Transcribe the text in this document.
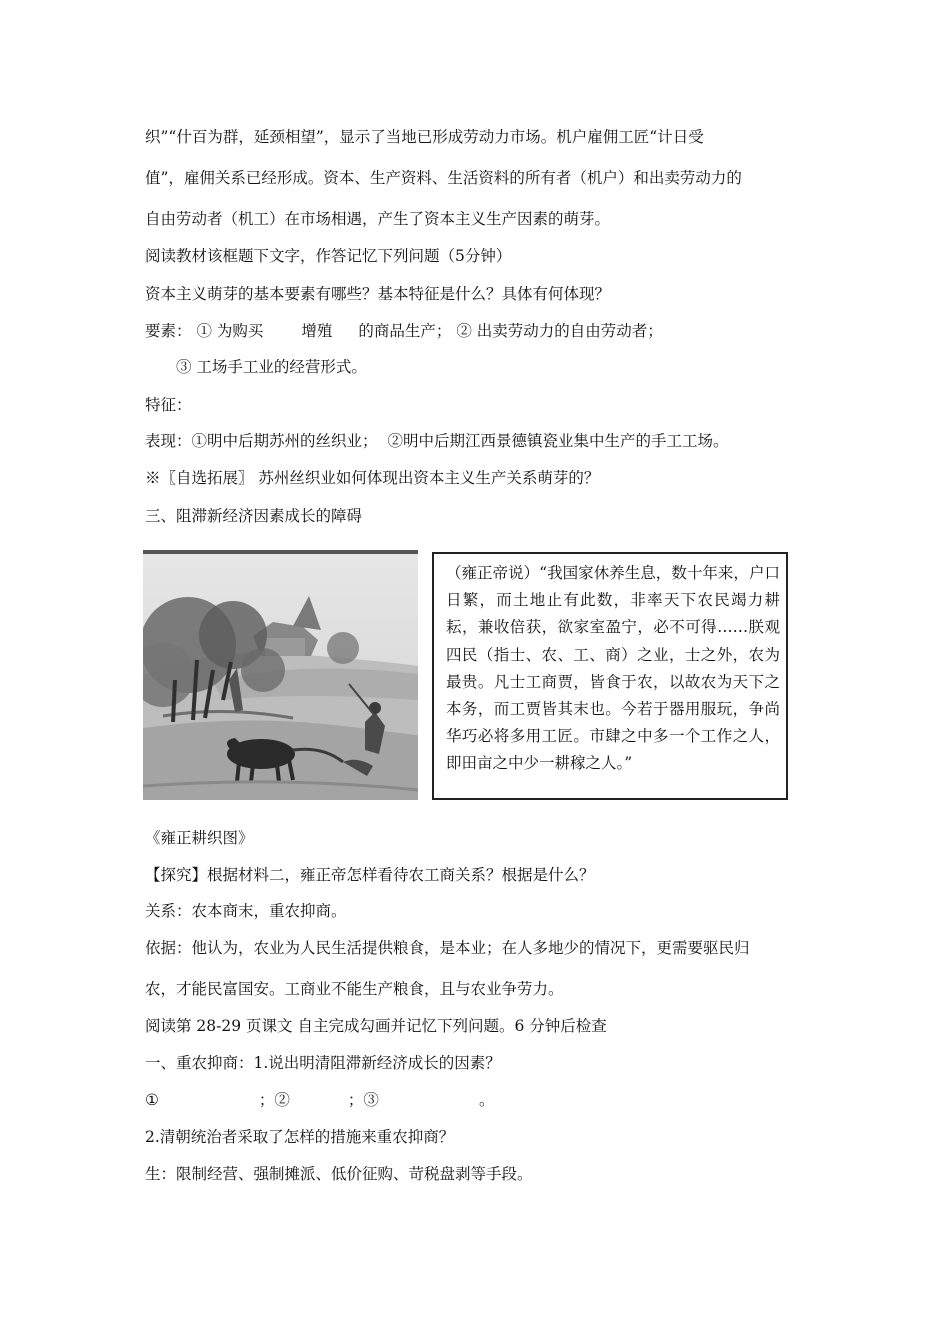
织”“什百为群，延颈相望”，显示了当地已形成劳动力市场。机户雇佣工匠“计日受
值”，雇佣关系已经形成。资本、生产资料、生活资料的所有者（机户）和出卖劳动力的
自由劳动者（机工）在市场相遇，产生了资本主义生产因素的萌芽。
阅读教材该框题下文字，作答记忆下列问题（5分钟）
资本主义萌芽的基本要素有哪些？基本特征是什么？具体有何体现？
要素： ① 为购买 增殖 的商品生产； ② 出卖劳动力的自由劳动者；
③ 工场手工业的经营形式。
特征：
表现：①明中后期苏州的丝织业； ②明中后期江西景德镇瓷业集中生产的手工工场。
※〖自选拓展〗 苏州丝织业如何体现出资本主义生产关系萌芽的？
三、阻滞新经济因素成长的障碍
（雍正帝说）“我国家休养生息，数十年来，户口日繁，而土地止有此数，非率天下农民竭力耕耘，兼收倍获，欲家室盈宁，必不可得……朕观四民（指士、农、工、商）之业，士之外，农为最贵。凡士工商贾，皆食于农，以故农为天下之本务，而工贾皆其末也。今若于器用服玩，争尚华巧必将多用工匠。市肆之中多一个工作之人，即田亩之中少一耕稼之人。”
《雍正耕织图》
【探究】根据材料二，雍正帝怎样看待农工商关系？根据是什么？
关系：农本商末，重农抑商。
依据：他认为，农业为人民生活提供粮食，是本业；在人多地少的情况下，更需要驱民归
农，才能民富国安。工商业不能生产粮食，且与农业争劳力。
阅读第 28-29 页课文 自主完成勾画并记忆下列问题。6 分钟后检查
一、重农抑商：1.说出明清阻滞新经济成长的因素？
①	；②	；③	。
2.清朝统治者采取了怎样的措施来重农抑商？
生：限制经营、强制摊派、低价征购、苛税盘剥等手段。
